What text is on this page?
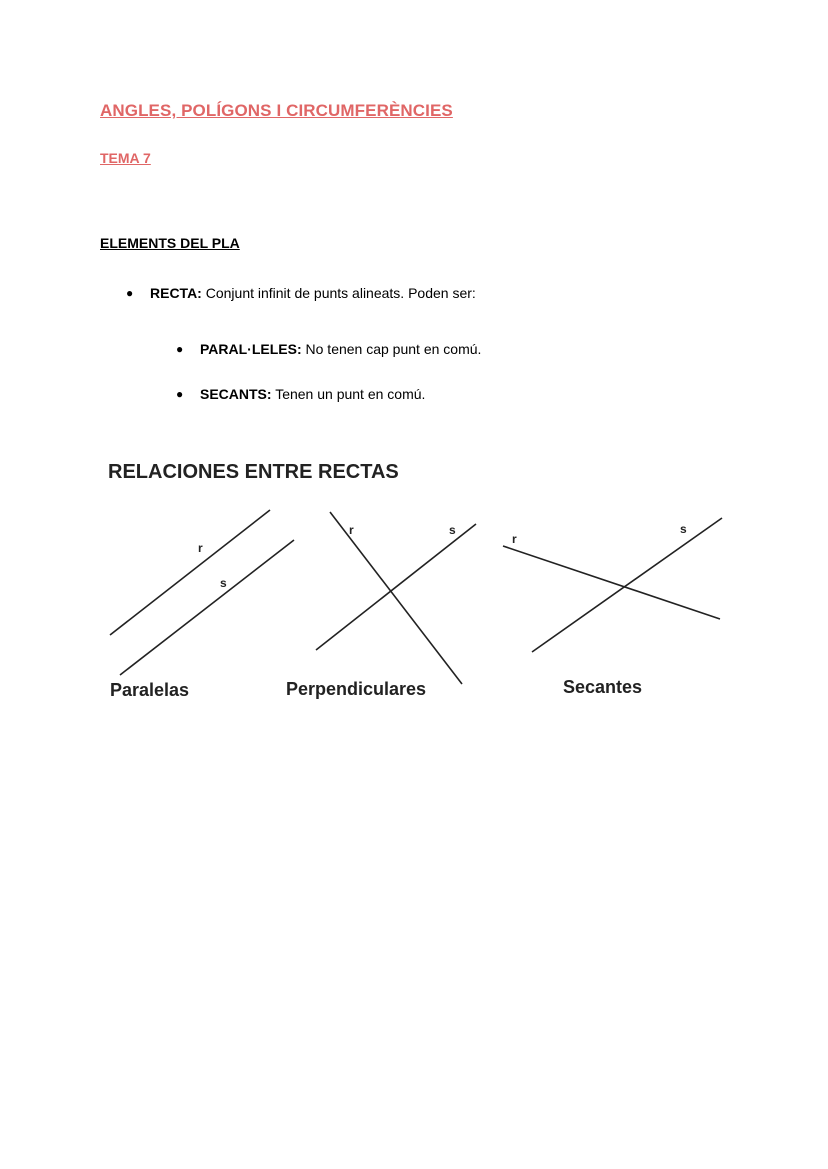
ANGLES, POLÍGONS I CIRCUMFERÈNCIES
TEMA 7
ELEMENTS DEL PLA
● RECTA: Conjunt infinit de punts alineats. Poden ser:
● PARAL·LELES: No tenen cap punt en comú.
● SECANTS: Tenen un punt en comú.
RELACIONES ENTRE RECTAS
r
s
Paralelas
r	s
Perpendiculares
r
s
Secantes
